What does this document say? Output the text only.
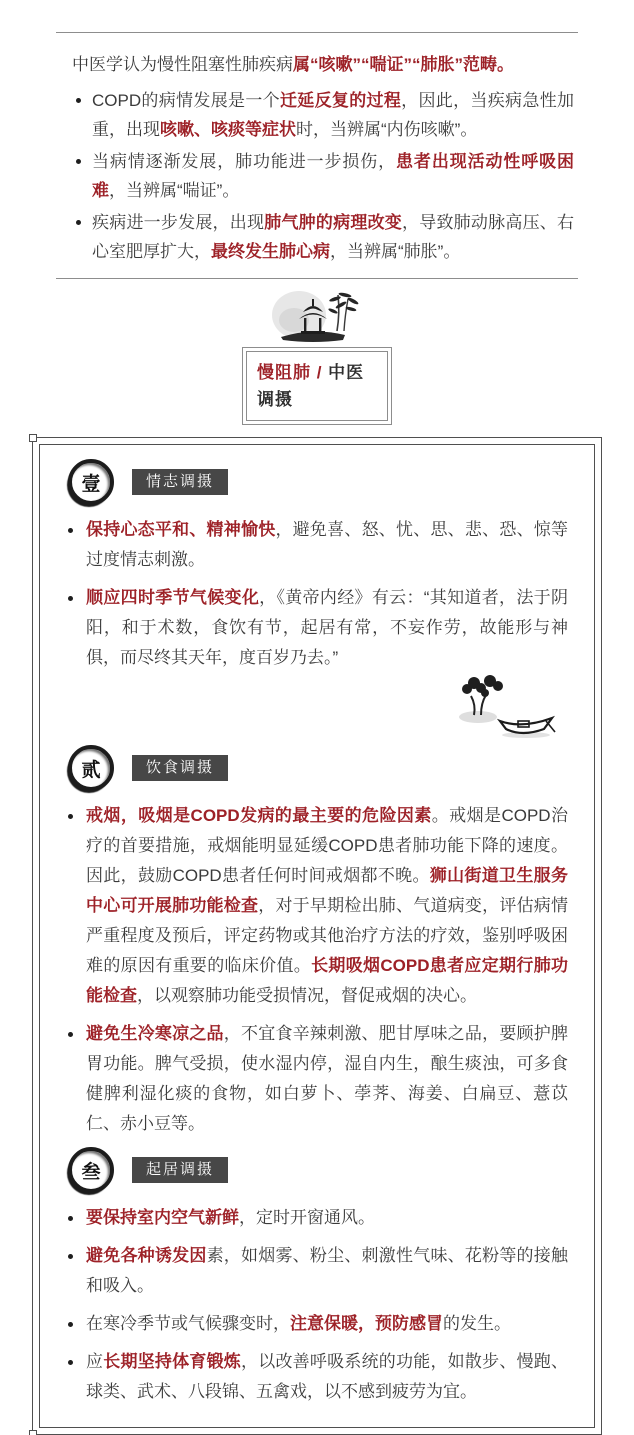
中医学认为慢性阻塞性肺疾病属“咳嗽”“喘证”“肺胀”范畴。

COPD的病情发展是一个迁延反复的过程，因此，当疾病急性加重，出现咳嗽、咳痰等症状时，当辨属“内伤咳嗽”。
当病情逐渐发展，肺功能进一步损伤，患者出现活动性呼吸困难，当辨属“喘证”。
疾病进一步发展，出现肺气肿的病理改变，导致肺动脉高压、右心室肥厚扩大，最终发生肺心病，当辨属“肺胀”。
慢阻肺 / 中医调摄
壹	情志调摄
保持心态平和、精神愉快，避免喜、怒、忧、思、悲、恐、惊等过度情志刺激。
顺应四时季节气候变化，《黄帝内经》有云：“其知道者，法于阴阳，和于术数，食饮有节，起居有常，不妄作劳，故能形与神俱，而尽终其天年，度百岁乃去。”
贰	饮食调摄
戒烟，吸烟是COPD发病的最主要的危险因素。戒烟是COPD治疗的首要措施，戒烟能明显延缓COPD患者肺功能下降的速度。因此，鼓励COPD患者任何时间戒烟都不晚。狮山街道卫生服务中心可开展肺功能检查，对于早期检出肺、气道病变，评估病情严重程度及预后，评定药物或其他治疗方法的疗效，鉴别呼吸困难的原因有重要的临床价值。长期吸烟COPD患者应定期行肺功能检查，以观察肺功能受损情况，督促戒烟的决心。
避免生冷寒凉之品，不宜食辛辣刺激、肥甘厚味之品，要顾护脾胃功能。脾气受损，使水湿内停，湿自内生，酿生痰浊，可多食健脾利湿化痰的食物，如白萝卜、荸荠、海姜、白扁豆、薏苡仁、赤小豆等。
叁	起居调摄
要保持室内空气新鲜，定时开窗通风。
避免各种诱发因素，如烟雾、粉尘、刺激性气味、花粉等的接触和吸入。
在寒冷季节或气候骤变时，注意保暖，预防感冒的发生。
应长期坚持体育锻炼，以改善呼吸系统的功能，如散步、慢跑、球类、武术、八段锦、五禽戏，以不感到疲劳为宜。
